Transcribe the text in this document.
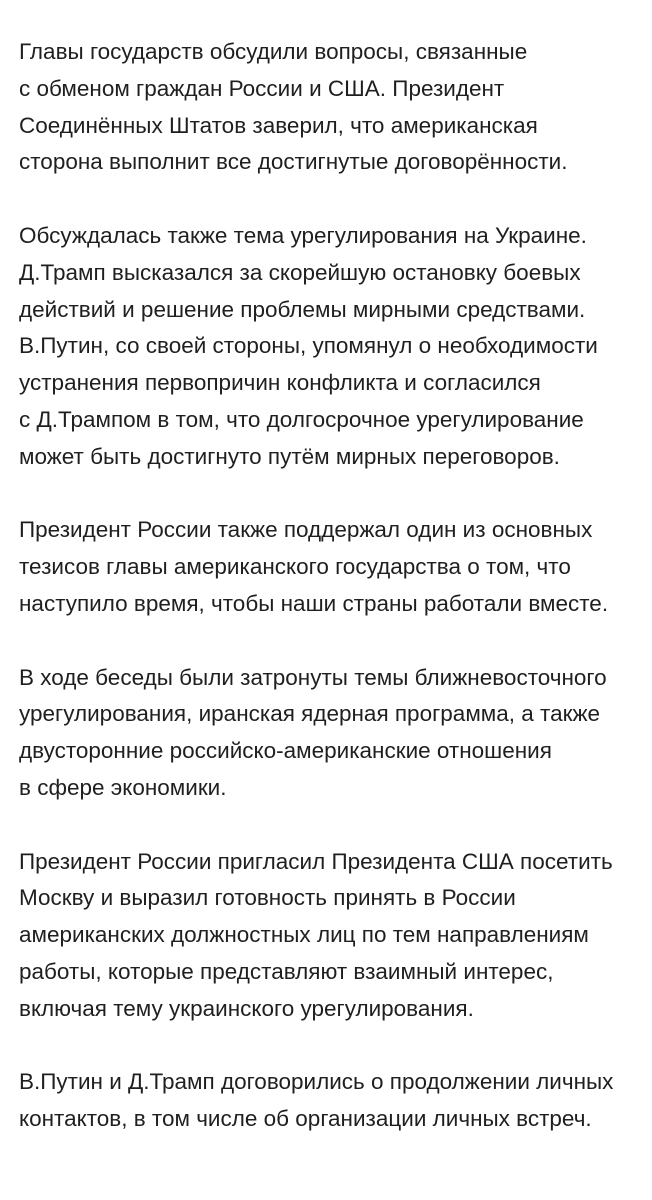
Главы государств обсудили вопросы, связанные
с обменом граждан России и США. Президент
Соединённых Штатов заверил, что американская
сторона выполнит все достигнутые договорённости.

Обсуждалась также тема урегулирования на Украине.
Д.Трамп высказался за скорейшую остановку боевых
действий и решение проблемы мирными средствами.
В.Путин, со своей стороны, упомянул о необходимости
устранения первопричин конфликта и согласился
с Д.Трампом в том, что долгосрочное урегулирование
может быть достигнуто путём мирных переговоров.

Президент России также поддержал один из основных
тезисов главы американского государства о том, что
наступило время, чтобы наши страны работали вместе.

В ходе беседы были затронуты темы ближневосточного
урегулирования, иранская ядерная программа, а также
двусторонние российско-американские отношения
в сфере экономики.

Президент России пригласил Президента США посетить
Москву и выразил готовность принять в России
американских должностных лиц по тем направлениям
работы, которые представляют взаимный интерес,
включая тему украинского урегулирования.

В.Путин и Д.Трамп договорились о продолжении личных
контактов, в том числе об организации личных встреч.
